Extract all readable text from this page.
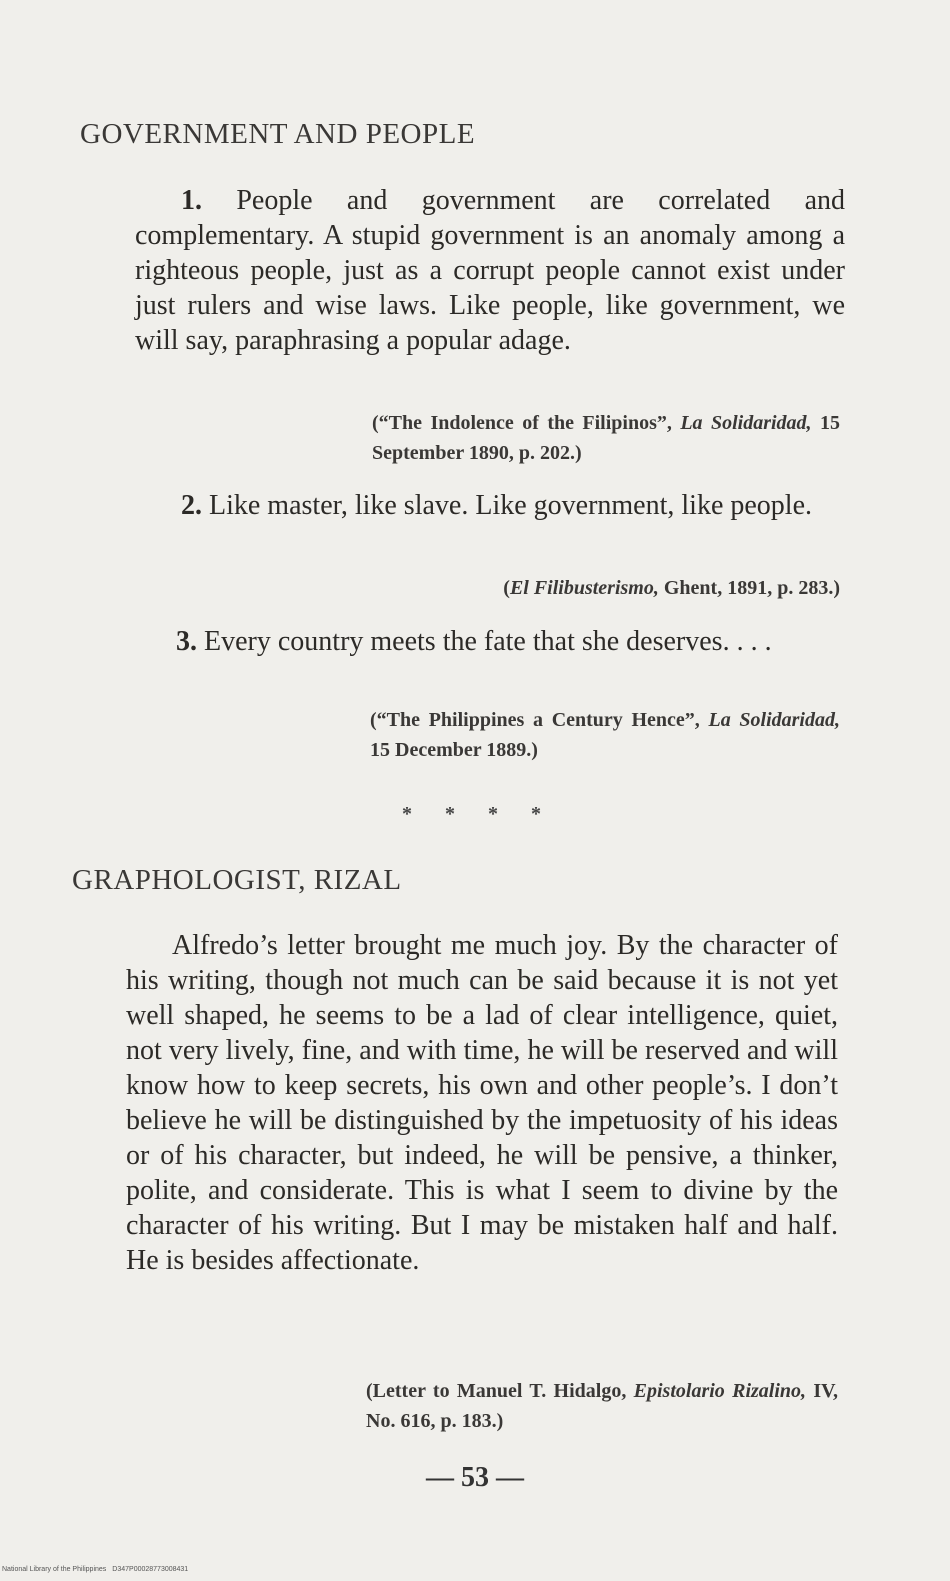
GOVERNMENT AND PEOPLE

1. People and government are correlated and complementary. A stupid government is an anomaly among a righteous people, just as a corrupt people cannot exist under just rulers and wise laws. Like people, like government, we will say, paraphrasing a popular adage.

(“The Indolence of the Filipinos”, La Solidaridad, 15 September 1890, p. 202.)

2. Like master, like slave. Like government, like people.

(El Filibusterismo, Ghent, 1891, p. 283.)

3. Every country meets the fate that she deserves. . . .

(“The Philippines a Century Hence”, La Solidaridad, 15 December 1889.)

* * * *
GRAPHOLOGIST, RIZAL

Alfredo’s letter brought me much joy. By the character of his writing, though not much can be said because it is not yet well shaped, he seems to be a lad of clear intelligence, quiet, not very lively, fine, and with time, he will be reserved and will know how to keep secrets, his own and other people’s. I don’t believe he will be distinguished by the impetuosity of his ideas or of his character, but indeed, he will be pensive, a thinker, polite, and considerate. This is what I seem to divine by the character of his writing. But I may be mistaken half and half. He is besides affectionate.

(Letter to Manuel T. Hidalgo, Epistolario Rizalino, IV, No. 616, p. 183.)

— 53 —
National Library of the Philippines D347P00028773008431
